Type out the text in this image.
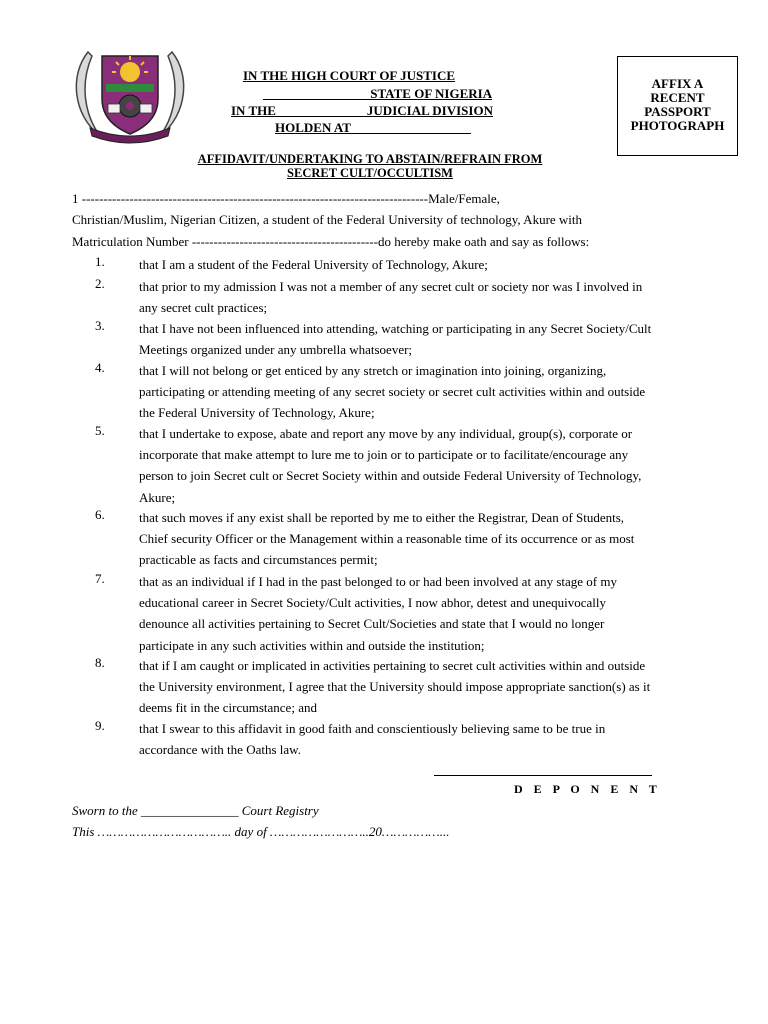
IN THE HIGH COURT OF JUSTICE
________________ STATE OF NIGERIA
IN THE _____________ JUDICIAL DIVISION
HOLDEN AT __________________
AFFIX A
RECENT
PASSPORT
PHOTOGRAPH
AFFIDAVIT/UNDERTAKING TO ABSTAIN/REFRAIN FROM
SECRET CULT/OCCULTISM
1 --------------------------------------------------------------------------------Male/Female,
Christian/Muslim, Nigerian Citizen, a student of the Federal University of technology, Akure with
Matriculation Number -------------------------------------------do hereby make oath and say as follows:
1.	that I am a student of the Federal University of Technology, Akure;
2.	that prior to my admission I was not a member of any secret cult or society nor was I involved in
any secret cult practices;
3.	that I have not been influenced into attending, watching or participating in any Secret Society/Cult
Meetings organized under any umbrella whatsoever;
4.	that I will not belong or get enticed by any stretch or imagination into joining, organizing,
participating or attending meeting of any secret society or secret cult activities within and outside
the Federal University of Technology, Akure;
5.	that I undertake to expose, abate and report any move by any individual, group(s), corporate or
incorporate that make attempt to lure me to join or to participate or to facilitate/encourage any
person to join Secret cult or Secret Society within and outside Federal University of Technology,
Akure;
6.	that such moves if any exist shall be reported by me to either the Registrar, Dean of Students,
Chief security Officer or the Management within a reasonable time of its occurrence or as most
practicable as facts and circumstances permit;
7.	that as an individual if I had in the past belonged to or had been involved at any stage of my
educational career in Secret Society/Cult activities, I now abhor, detest and unequivocally
denounce all activities pertaining to Secret Cult/Societies and state that I would no longer
participate in any such activities within and outside the institution;
8.	that if I am caught or implicated in activities pertaining to secret cult activities within and outside
the University environment, I agree that the University should impose appropriate sanction(s) as it
deems fit in the circumstance; and
9.	that I swear to this affidavit in good faith and conscientiously believing same to be true in
accordance with the Oaths law.
D E P O N E N T
Sworn to the _______________ Court Registry
This …………………………….. day of ……………………..20……………...
